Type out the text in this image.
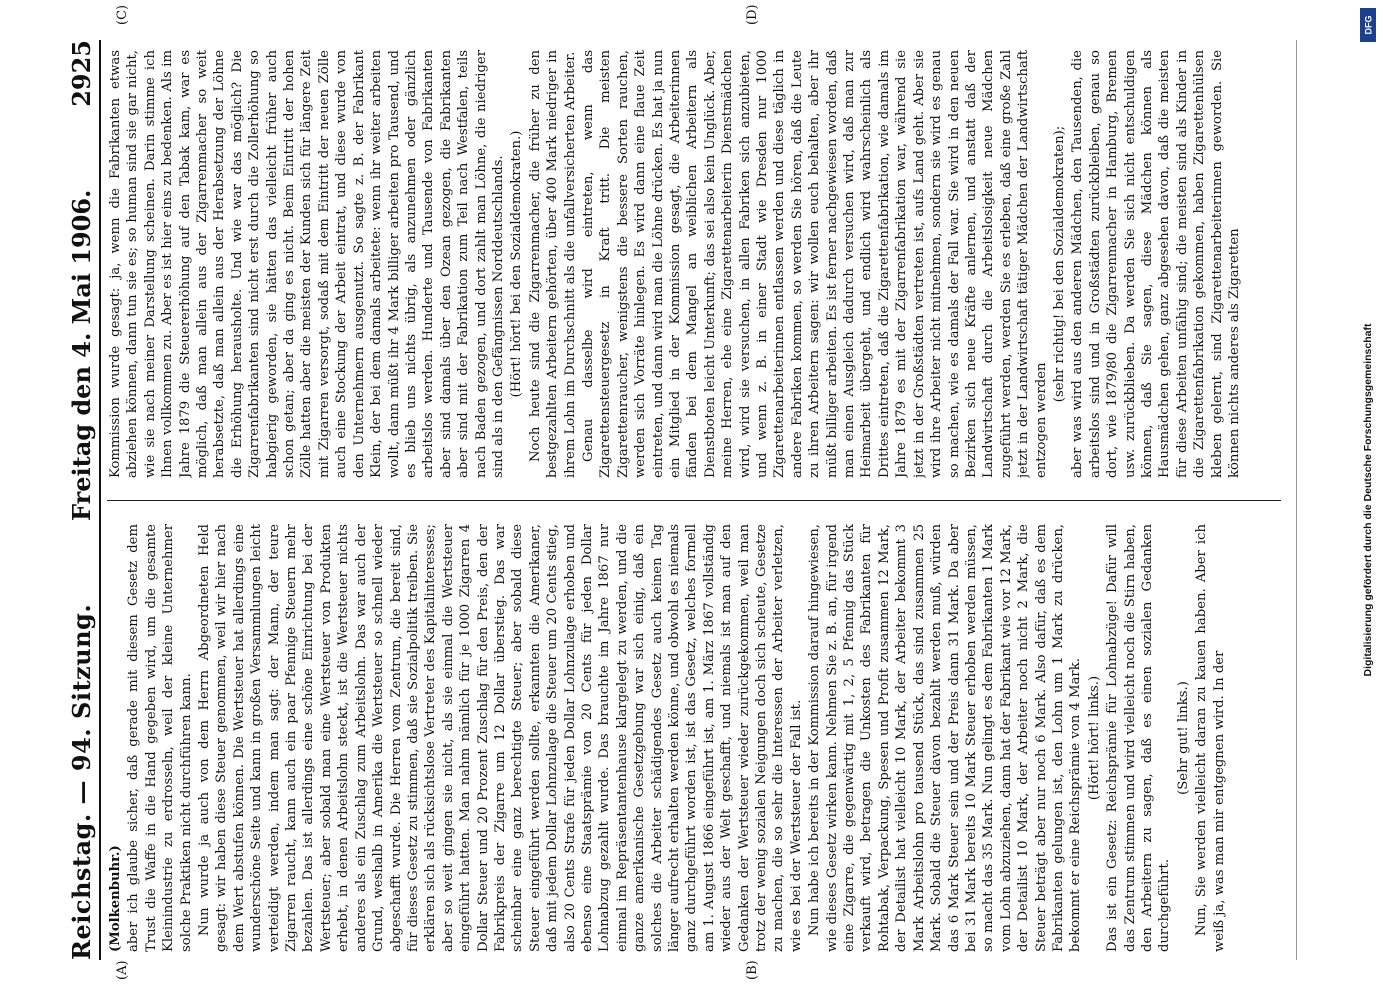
Reichstag. — 94. Sitzung.
Freitag den 4. Mai 1906.
2925
(A)	(B)
(C)	(D)

(Molkenbuhr.) aber ich glaube sicher, daß gerade mit diesem Gesetz dem Trust die Waffe in die Hand gegeben wird, um die gesamte Kleinindustrie zu erdrosseln, weil der kleine Unternehmer solche Praktiken nicht durchführen kann. Nun wurde ja auch von dem Herrn Abgeordneten Held gesagt: wir haben diese Steuer genommen, weil wir hier nach dem Wert abstufen können. Die Wertsteuer hat allerdings eine wunderschöne Seite und kann in großen Versammlungen leicht verteidigt werden, indem man sagt: der Mann, der teure Zigarren raucht, kann auch ein paar Pfennige Steuern mehr bezahlen. Das ist allerdings eine schöne Einrichtung bei der Wertsteuer; aber sobald man eine Wertsteuer von Produkten erhebt, in denen Arbeitslohn steckt, ist die Wertsteuer nichts anderes als ein Zuschlag zum Arbeitslohn. Das war auch der Grund, weshalb in Amerika die Wertsteuer so schnell wieder abgeschafft wurde. Die Herren vom Zentrum, die bereit sind, für dieses Gesetz zu stimmen, daß sie Sozialpolitik treiben. Sie erklären sich als rücksichtslose Vertreter des Kapitalinteresses; aber so weit gingen sie nicht, als sie einmal die Wertsteuer eingeführt hatten. Man nahm nämlich für je 1000 Zigarren 4 Dollar Steuer und 20 Prozent Zuschlag für den Preis, den der Fabrikpreis der Zigarre um 12 Dollar überstieg. Das war scheinbar eine ganz berechtigte Steuer; aber sobald diese Steuer eingeführt werden sollte, erkannten die Amerikaner, daß mit jedem Dollar Lohnzulage die Steuer um 20 Cents stieg, also 20 Cents Strafe für jeden Dollar Lohnzulage erhoben und ebenso eine Staatsprämie von 20 Cents für jeden Dollar Lohnabzug gezahlt wurde. Das brauchte im Jahre 1867 nur einmal im Repräsentantenhause klargelegt zu werden, und die ganze amerikanische Gesetzgebung war sich einig, daß ein solches die Arbeiter schädigendes Gesetz auch keinen Tag länger aufrecht erhalten werden könne, und obwohl es niemals ganz durchgeführt worden ist, ist das Gesetz, welches formell am 1. August 1866 eingeführt ist, am 1. März 1867 vollständig wieder aus der Welt geschafft, und niemals ist man auf den Gedanken der Wertsteuer wieder zurückgekommen, weil man trotz der wenig sozialen Neigungen doch sich scheute, Gesetze zu machen, die so sehr die Interessen der Arbeiter verletzen, wie es bei der Wertsteuer der Fall ist. Nun habe ich bereits in der Kommission darauf hingewiesen, wie dieses Gesetz wirken kann. Nehmen Sie z. B. an, für irgend eine Zigarre, die gegenwärtig mit 1, 2, 5 Pfennig das Stück verkauft wird, betragen die Unkosten des Fabrikanten für Rohtabak, Verpackung, Spesen und Profit zusammen 12 Mark, der Detailist hat vielleicht 10 Mark, der Arbeiter bekommt 3 Mark Arbeitslohn pro tausend Stück, das sind zusammen 25 Mark. Sobald die Steuer davon bezahlt werden muß, würden das 6 Mark Steuer sein und der Preis dann 31 Mark. Da aber bei 31 Mark bereits 10 Mark Steuer erhoben werden müssen, so macht das 35 Mark. Nun gelingt es dem Fabrikanten 1 Mark vom Lohn abzuziehen, dann hat der Fabrikant wie vor 12 Mark, der Detailist 10 Mark, der Arbeiter noch nicht 2 Mark, die Steuer beträgt aber nur noch 6 Mark. Also dafür, daß es dem Fabrikanten gelungen ist, den Lohn um 1 Mark zu drücken, bekommt er eine Reichsprämie von 4 Mark. (Hört! hört! links.) Das ist ein Gesetz: Reichsprämie für Lohnabzüge! Dafür will das Zentrum stimmen und wird vielleicht noch die Stirn haben, den Arbeitern zu sagen, daß es einen sozialen Gedanken durchgeführt.

(Sehr gut! links.) Nun, Sie werden vielleicht daran zu kauen haben. Aber ich weiß ja, was man mir entgegnen wird. In der

Kommission wurde gesagt: ja, wenn die Fabrikanten etwas abziehen können, dann tun sie es; so human sind sie gar nicht, wie sie nach meiner Darstellung scheinen. Darin stimme ich Ihnen vollkommen zu. Aber es ist hier eins zu bedenken. Als im Jahre 1879 die Steuererhöhung auf den Tabak kam, war es möglich, daß man allein aus der Zigarrenmacher so weit herabsetzte, daß man allein aus der Herabsetzung der Löhne die Erhöhung herausholte. Und wie war das möglich? Die Zigarrenfabrikanten sind nicht erst durch die Zollerhöhung so habgierig geworden, sie hätten das vielleicht früher auch schon getan; aber da ging es nicht. Beim Eintritt der hohen Zölle hatten aber die meisten der Kunden sich für längere Zeit mit Zigarren versorgt, sodaß mit dem Eintritt der neuen Zölle auch eine Stockung der Arbeit eintrat, und diese wurde von den Unternehmern ausgenutzt. So sagte z. B. der Fabrikant Klein, der bei dem damals arbeitete: wenn ihr weiter arbeiten wollt, dann müßt ihr 4 Mark billiger arbeiten pro Tausend, und es blieb uns nichts übrig, als anzunehmen oder gänzlich arbeitslos werden. Hunderte und Tausende von Fabrikanten aber sind damals über den Ozean gezogen, die Fabrikanten aber sind mit der Fabrikation zum Teil nach Westfalen, teils nach Baden gezogen, und dort zahlt man Löhne, die niedriger sind als in den Gefängnissen Norddeutschlands. (Hört! hört! bei den Sozialdemokraten.) Noch heute sind die Zigarrenmacher, die früher zu den bestgezahlten Arbeitern gehörten, über 400 Mark niedriger in ihrem Lohn im Durchschnitt als die unfallversicherten Arbeiter. Genau dasselbe wird eintreten, wenn das Zigarettensteuergesetz in Kraft tritt. Die meisten Zigarettenraucher, wenigstens die bessere Sorten rauchen, werden sich Vorräte hinlegen. Es wird dann eine flaue Zeit eintreten, und dann wird man die Löhne drücken. Es hat ja nun ein Mitglied in der Kommission gesagt, die Arbeiterinnen fänden bei dem Mangel an weiblichen Arbeitern als Dienstboten leicht Unterkunft; das sei also kein Unglück. Aber, meine Herren, ehe eine Zigarettenarbeiterin Dienstmädchen wird, wird sie versuchen, in allen Fabriken sich anzubieten, und wenn z. B. in einer Stadt wie Dresden nur 1000 Zigarettenarbeiterinnen entlassen werden und diese täglich in andere Fabriken kommen, so werden Sie hören, daß die Leute zu ihren Arbeitern sagen: wir wollen euch behalten, aber ihr müßt billiger arbeiten. Es ist ferner nachgewiesen worden, daß man einen Ausgleich dadurch versuchen wird, daß man zur Heimarbeit übergeht, und endlich wird wahrscheinlich als Drittes eintreten, daß die Zigarettenfabrikation, wie damals im Jahre 1879 es mit der Zigarrenfabrikation war, während sie jetzt in der Großstädten vertreten ist, aufs Land geht. Aber sie wird ihre Arbeiter nicht mitnehmen, sondern sie wird es genau so machen, wie es damals der Fall war. Sie wird in den neuen Bezirken sich neue Kräfte anlernen, und anstatt daß der Landwirtschaft durch die Arbeitslosigkeit neue Mädchen zugeführt werden, werden Sie es erleben, daß eine große Zahl jetzt in der Landwirtschaft tätiger Mädchen der Landwirtschaft entzogen werden

(sehr richtig! bei den Sozialdemokraten); aber was wird aus den anderen Mädchen, den Tausenden, die arbeitslos sind und in Großstädten zurückbleiben, genau so dort, wie 1879/80 die Zigarrenmacher in Hamburg, Bremen usw. zurückblieben. Da werden Sie sich nicht entschuldigen können, daß Sie sagen, diese Mädchen können als Hausmädchen gehen, ganz abgesehen davon, daß die meisten für diese Arbeiten unfähig sind; die meisten sind als Kinder in die Zigarettenfabrikation gekommen, haben Zigarettenhülsen kleben gelernt, sind Zigarettenarbeiterinnen geworden. Sie können nichts anderes als Zigaretten

DFG
Digitalisierung gefördert durch die Deutsche Forschungsgemeinschaft
